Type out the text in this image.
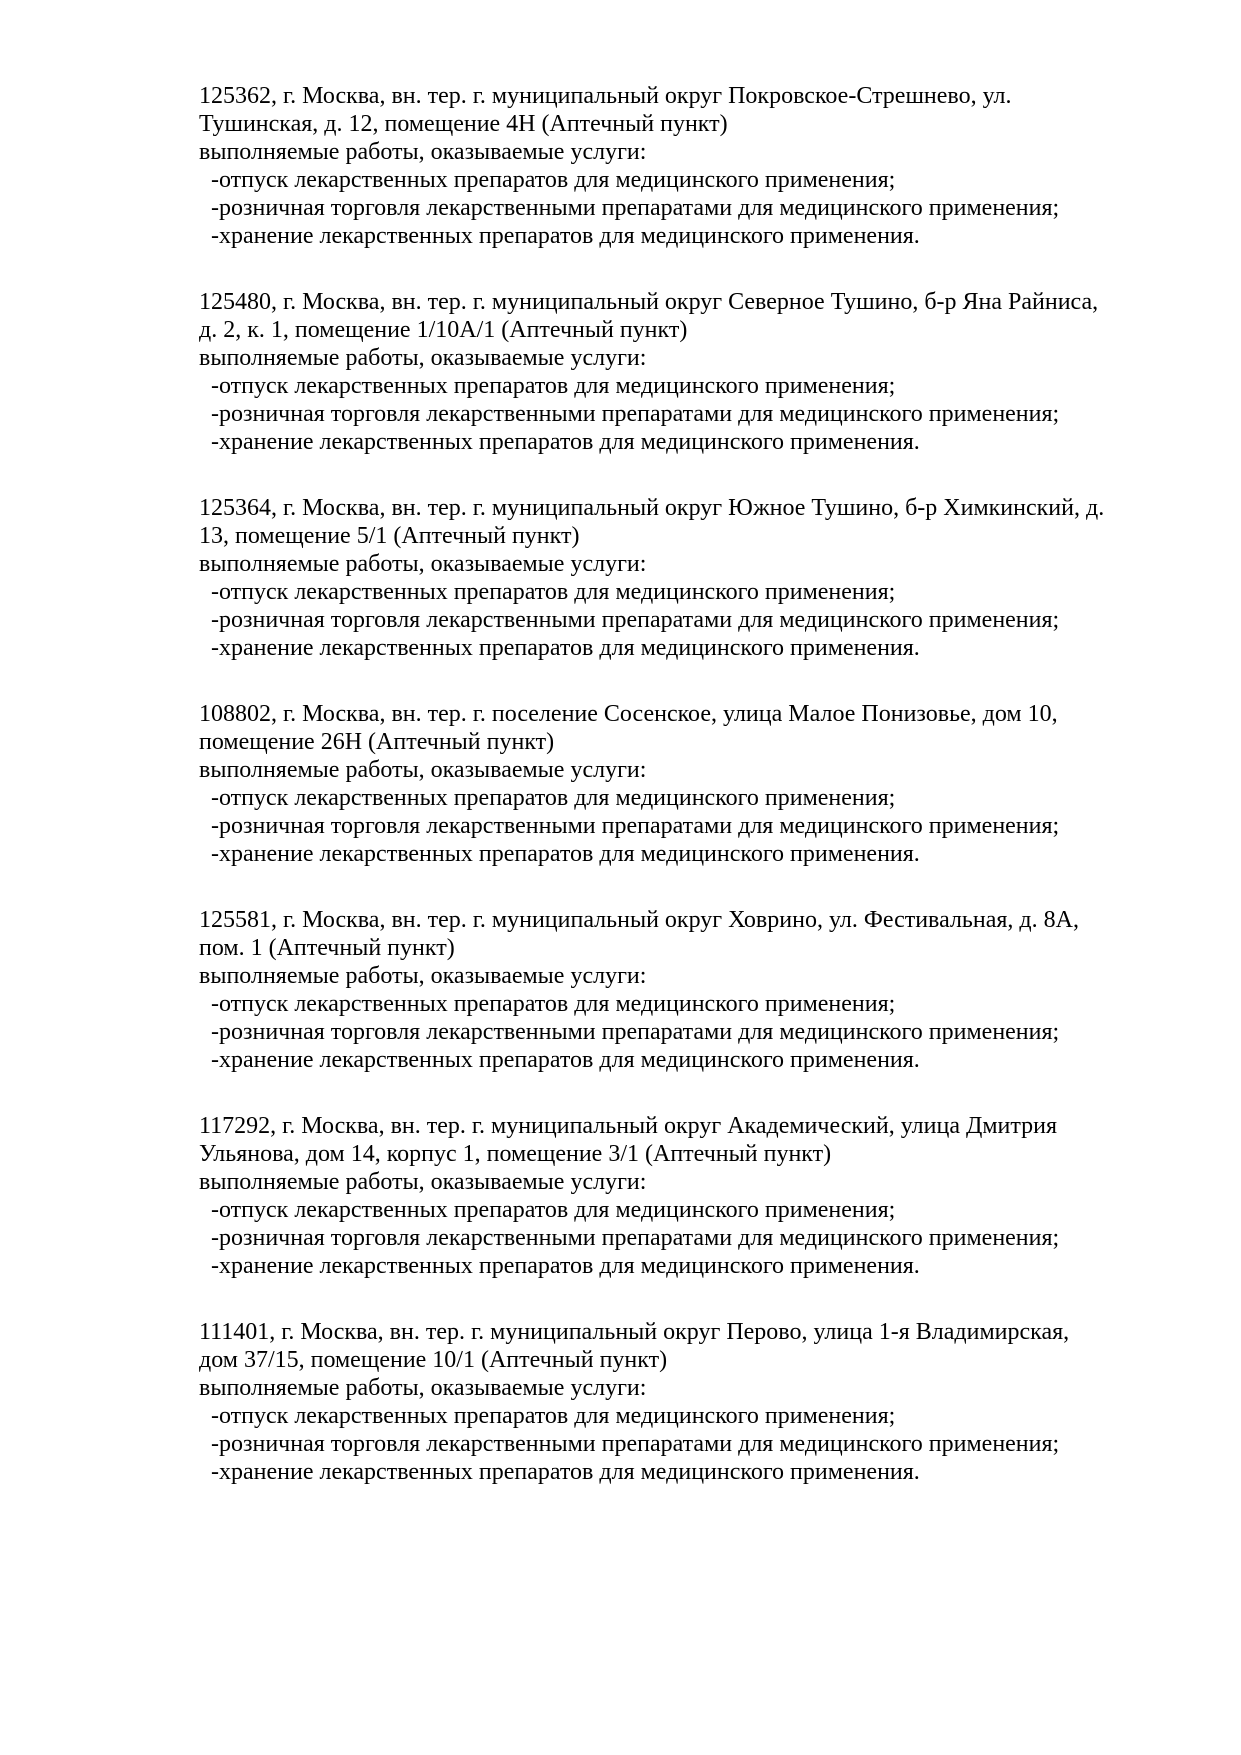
125362, г. Москва, вн. тер. г. муниципальный округ Покровское-Стрешнево, ул.
Тушинская, д. 12, помещение 4Н (Аптечный пункт)
выполняемые работы, оказываемые услуги:
-отпуск лекарственных препаратов для медицинского применения;
-розничная торговля лекарственными препаратами для медицинского применения;
-хранение лекарственных препаратов для медицинского применения.
125480, г. Москва, вн. тер. г. муниципальный округ Северное Тушино, б-р Яна Райниса,
д. 2, к. 1, помещение 1/10А/1 (Аптечный пункт)
выполняемые работы, оказываемые услуги:
-отпуск лекарственных препаратов для медицинского применения;
-розничная торговля лекарственными препаратами для медицинского применения;
-хранение лекарственных препаратов для медицинского применения.
125364, г. Москва, вн. тер. г. муниципальный округ Южное Тушино, б-р Химкинский, д.
13, помещение 5/1 (Аптечный пункт)
выполняемые работы, оказываемые услуги:
-отпуск лекарственных препаратов для медицинского применения;
-розничная торговля лекарственными препаратами для медицинского применения;
-хранение лекарственных препаратов для медицинского применения.
108802, г. Москва, вн. тер. г. поселение Сосенское, улица Малое Понизовье, дом 10,
помещение 26Н (Аптечный пункт)
выполняемые работы, оказываемые услуги:
-отпуск лекарственных препаратов для медицинского применения;
-розничная торговля лекарственными препаратами для медицинского применения;
-хранение лекарственных препаратов для медицинского применения.
125581, г. Москва, вн. тер. г. муниципальный округ Ховрино, ул. Фестивальная, д. 8А,
пом. 1 (Аптечный пункт)
выполняемые работы, оказываемые услуги:
-отпуск лекарственных препаратов для медицинского применения;
-розничная торговля лекарственными препаратами для медицинского применения;
-хранение лекарственных препаратов для медицинского применения.
117292, г. Москва, вн. тер. г. муниципальный округ Академический, улица Дмитрия
Ульянова, дом 14, корпус 1, помещение 3/1 (Аптечный пункт)
выполняемые работы, оказываемые услуги:
-отпуск лекарственных препаратов для медицинского применения;
-розничная торговля лекарственными препаратами для медицинского применения;
-хранение лекарственных препаратов для медицинского применения.
111401, г. Москва, вн. тер. г. муниципальный округ Перово, улица 1-я Владимирская,
дом 37/15, помещение 10/1 (Аптечный пункт)
выполняемые работы, оказываемые услуги:
-отпуск лекарственных препаратов для медицинского применения;
-розничная торговля лекарственными препаратами для медицинского применения;
-хранение лекарственных препаратов для медицинского применения.
